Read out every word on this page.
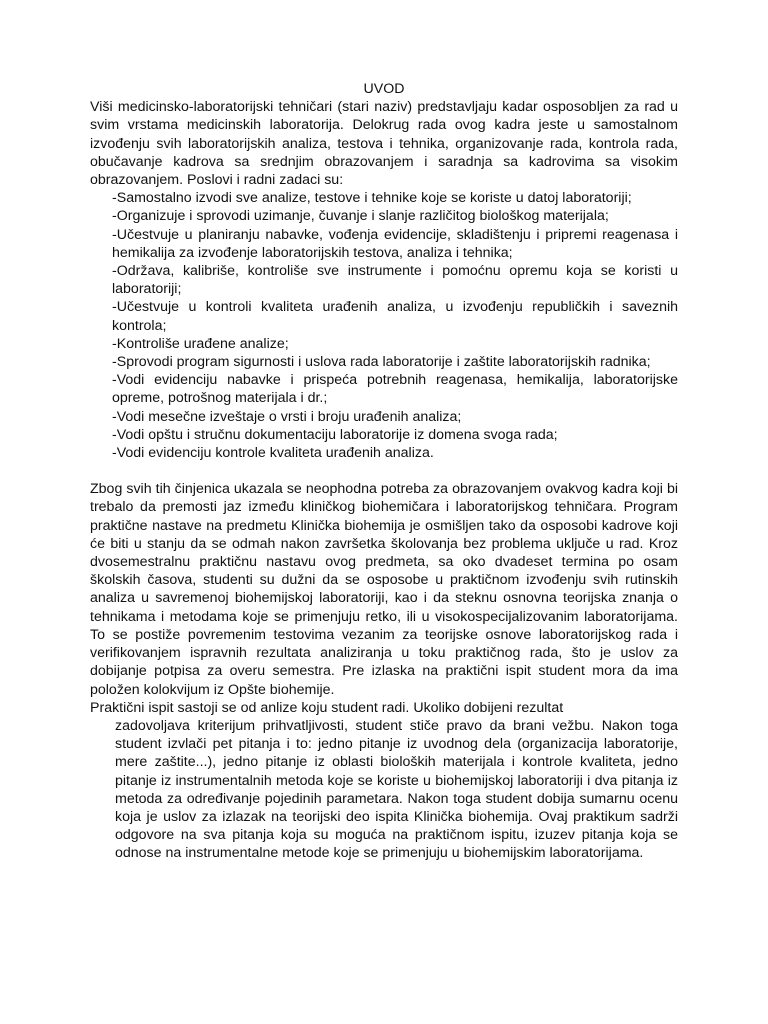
UVOD

Viši medicinsko-laboratorijski tehničari (stari naziv) predstavljaju kadar osposobljen za rad u svim vrstama medicinskih laboratorija. Delokrug rada ovog kadra jeste u samostalnom izvođenju svih laboratorijskih analiza, testova i tehnika, organizovanje rada, kontrola rada, obučavanje kadrova sa srednjim obrazovanjem i saradnja sa kadrovima sa visokim obrazovanjem. Poslovi i radni zadaci su:

-Samostalno izvodi sve analize, testove i tehnike koje se koriste u datoj laboratoriji;
-Organizuje i sprovodi uzimanje, čuvanje i slanje različitog biološkog materijala;
-Učestvuje u planiranju nabavke, vođenja evidencije, skladištenju i pripremi reagenasa i hemikalija za izvođenje laboratorijskih testova, analiza i tehnika;
-Održava, kalibriše, kontroliše sve instrumente i pomoćnu opremu koja se koristi u laboratoriji;
-Učestvuje u kontroli kvaliteta urađenih analiza, u izvođenju republičkih i saveznih kontrola;
-Kontroliše urađene analize;
-Sprovodi program sigurnosti i uslova rada laboratorije i zaštite laboratorijskih radnika;
-Vodi evidenciju nabavke i prispeća potrebnih reagenasa, hemikalija, laboratorijske opreme, potrošnog materijala i dr.;
-Vodi mesečne izveštaje o vrsti i broju urađenih analiza;
-Vodi opštu i stručnu dokumentaciju laboratorije iz domena svoga rada;
-Vodi evidenciju kontrole kvaliteta urađenih analiza.

Zbog svih tih činjenica ukazala se neophodna potreba za obrazovanjem ovakvog kadra koji bi trebalo da premosti jaz između kliničkog biohemičara i laboratorijskog tehničara. Program praktične nastave na predmetu Klinička biohemija je osmišljen tako da osposobi kadrove koji će biti u stanju da se odmah nakon završetka školovanja bez problema uključe u rad. Kroz dvosemestralnu praktičnu nastavu ovog predmeta, sa oko dvadeset termina po osam školskih časova, studenti su dužni da se osposobe u praktičnom izvođenju svih rutinskih analiza u savremenoj biohemijskoj laboratoriji, kao i da steknu osnovna teorijska znanja o tehnikama i metodama koje se primenjuju retko, ili u visokospecijalizovanim laboratorijama. To se postiže povremenim testovima vezanim za teorijske osnove laboratorijskog rada i verifikovanjem ispravnih rezultata analiziranja u toku praktičnog rada, što je uslov za dobijanje potpisa za overu semestra. Pre izlaska na praktični ispit student mora da ima položen kolokvijum iz Opšte biohemije.

Praktični ispit sastoji se od anlize koju student radi. Ukoliko dobijeni rezultat

zadovoljava kriterijum prihvatljivosti, student stiče pravo da brani vežbu. Nakon toga student izvlači pet pitanja i to: jedno pitanje iz uvodnog dela (organizacija laboratorije, mere zaštite...), jedno pitanje iz oblasti bioloških materijala i kontrole kvaliteta, jedno pitanje iz instrumentalnih metoda koje se koriste u biohemijskoj laboratoriji i dva pitanja iz metoda za određivanje pojedinih parametara. Nakon toga student dobija sumarnu ocenu koja je uslov za izlazak na teorijski deo ispita Klinička biohemija. Ovaj praktikum sadrži odgovore na sva pitanja koja su moguća na praktičnom ispitu, izuzev pitanja koja se odnose na instrumentalne metode koje se primenjuju u biohemijskim laboratorijama.
